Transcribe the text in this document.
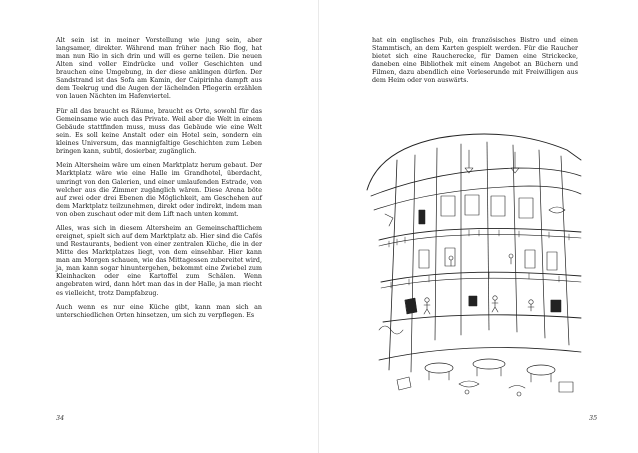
Alt sein ist in meiner Vorstellung wie jung sein, aber langsamer, direkter. Während man früher nach Rio flog, hat man nun Rio in sich drin und will es gerne teilen. Die neuen Alten sind voller Eindrücke und voller Geschichten und brauchen eine Umgebung, in der diese anklingen dürfen. Der Sandstrand ist das Sofa am Kamin, der Caipirinha dampft aus dem Teekrug und die Augen der lächelnden Pflegerin erzählen von lauen Nächten im Hafenviertel.

Für all das braucht es Räume, braucht es Orte, sowohl für das Gemeinsame wie auch das Private. Weil aber die Welt in einem Gebäude stattfinden muss, muss das Gebäude wie eine Welt sein. Es soll keine Anstalt oder ein Hotel sein, sondern ein kleines Universum, das mannigfaltige Geschichten zum Leben bringen kann, subtil, dosierbar, zugänglich.

Mein Altersheim wäre um einen Marktplatz herum gebaut. Der Marktplatz wäre wie eine Halle im Grandhotel, überdacht, umringt von den Galerien, und einer umlaufenden Estrade, von welcher aus die Zimmer zugänglich wären. Diese Arena böte auf zwei oder drei Ebenen die Möglichkeit, am Geschehen auf dem Marktplatz teilzunehmen, direkt oder indirekt, indem man von oben zuschaut oder mit dem Lift nach unten kommt.

Alles, was sich in diesem Altersheim an Gemeinschaftlichem ereignet, spielt sich auf dem Marktplatz ab. Hier sind die Cafés und Restaurants, bedient von einer zentralen Küche, die in der Mitte des Marktplatzes liegt, von dem einsehbar. Hier kann man am Morgen schauen, wie das Mittagessen zubereitet wird, ja, man kann sogar hinuntergehen, bekommt eine Zwiebel zum Kleinhacken oder eine Kartoffel zum Schälen. Wenn angebraten wird, dann hört man das in der Halle, ja man riecht es vielleicht, trotz Dampfabzug.

Auch wenn es nur eine Küche gibt, kann man sich an unterschiedlichen Orten hinsetzen, um sich zu verpflegen. Es

34

hat ein englisches Pub, ein französisches Bistro und einen Stammtisch, an dem Karten gespielt werden. Für die Raucher bietet sich eine Raucherecke, für Damen eine Strickecke, daneben eine Bibliothek mit einem Angebot an Büchern und Filmen, dazu abendlich eine Vorleserunde mit Freiwilligen aus dem Heim oder von auswärts.

35
